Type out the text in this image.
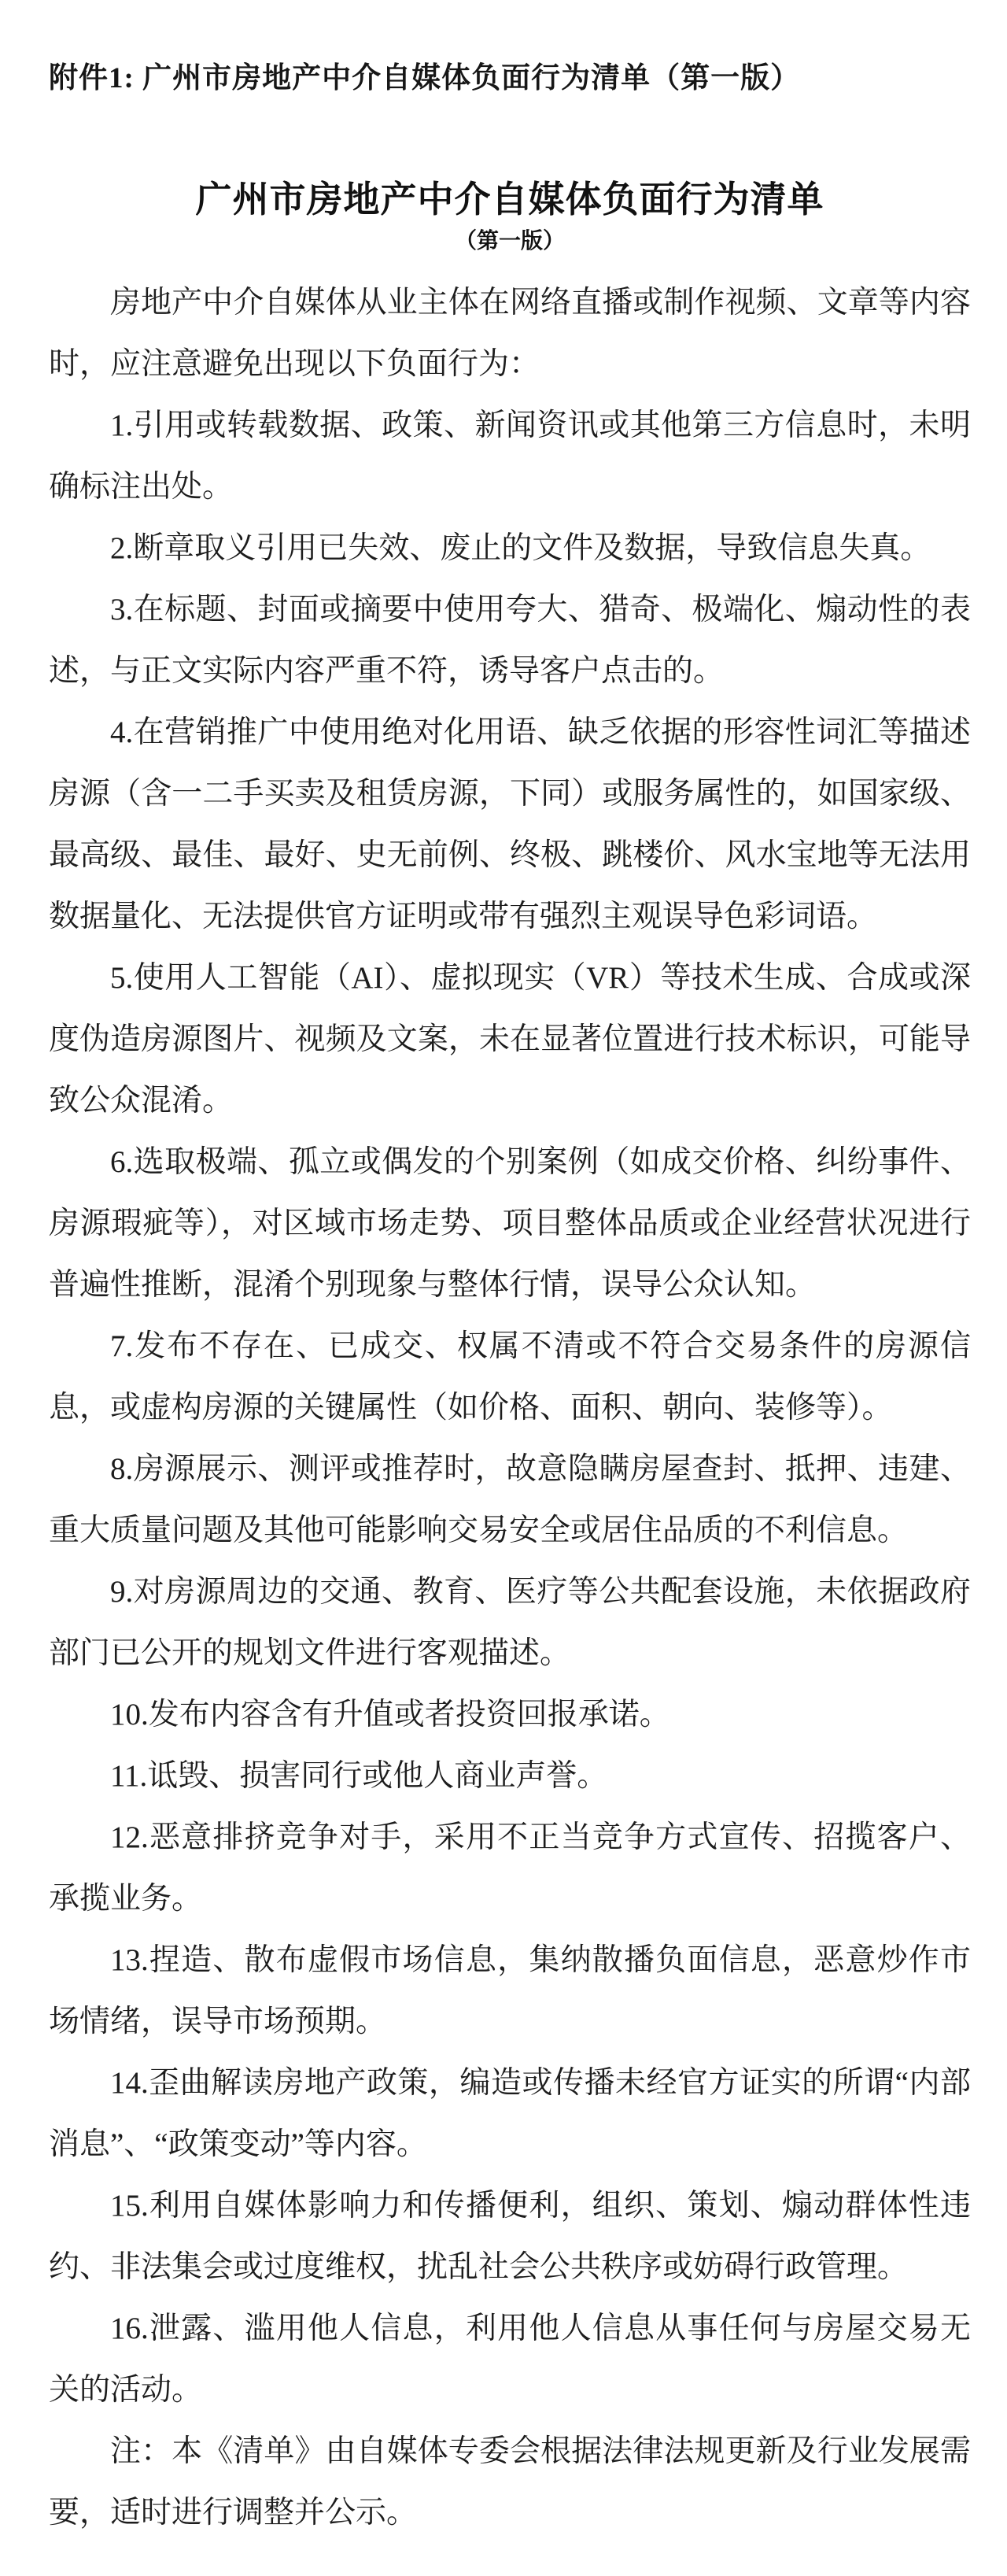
附件1: 广州市房地产中介自媒体负面行为清单（第一版）

广州市房地产中介自媒体负面行为清单
（第一版）

房地产中介自媒体从业主体在网络直播或制作视频、文章等内容时，应注意避免出现以下负面行为：

1.引用或转载数据、政策、新闻资讯或其他第三方信息时，未明确标注出处。

2.断章取义引用已失效、废止的文件及数据，导致信息失真。

3.在标题、封面或摘要中使用夸大、猎奇、极端化、煽动性的表述，与正文实际内容严重不符，诱导客户点击的。

4.在营销推广中使用绝对化用语、缺乏依据的形容性词汇等描述房源（含一二手买卖及租赁房源，下同）或服务属性的，如国家级、最高级、最佳、最好、史无前例、终极、跳楼价、风水宝地等无法用数据量化、无法提供官方证明或带有强烈主观误导色彩词语。

5.使用人工智能（AI）、虚拟现实（VR）等技术生成、合成或深度伪造房源图片、视频及文案，未在显著位置进行技术标识，可能导致公众混淆。

6.选取极端、孤立或偶发的个别案例（如成交价格、纠纷事件、房源瑕疵等），对区域市场走势、项目整体品质或企业经营状况进行普遍性推断，混淆个别现象与整体行情，误导公众认知。

7.发布不存在、已成交、权属不清或不符合交易条件的房源信息，或虚构房源的关键属性（如价格、面积、朝向、装修等）。

8.房源展示、测评或推荐时，故意隐瞒房屋查封、抵押、违建、重大质量问题及其他可能影响交易安全或居住品质的不利信息。

9.对房源周边的交通、教育、医疗等公共配套设施，未依据政府部门已公开的规划文件进行客观描述。

10.发布内容含有升值或者投资回报承诺。

11.诋毁、损害同行或他人商业声誉。

12.恶意排挤竞争对手，采用不正当竞争方式宣传、招揽客户、承揽业务。

13.捏造、散布虚假市场信息，集纳散播负面信息，恶意炒作市场情绪，误导市场预期。

14.歪曲解读房地产政策，编造或传播未经官方证实的所谓“内部消息”、“政策变动”等内容。

15.利用自媒体影响力和传播便利，组织、策划、煽动群体性违约、非法集会或过度维权，扰乱社会公共秩序或妨碍行政管理。

16.泄露、滥用他人信息，利用他人信息从事任何与房屋交易无关的活动。

注：本《清单》由自媒体专委会根据法律法规更新及行业发展需要，适时进行调整并公示。
